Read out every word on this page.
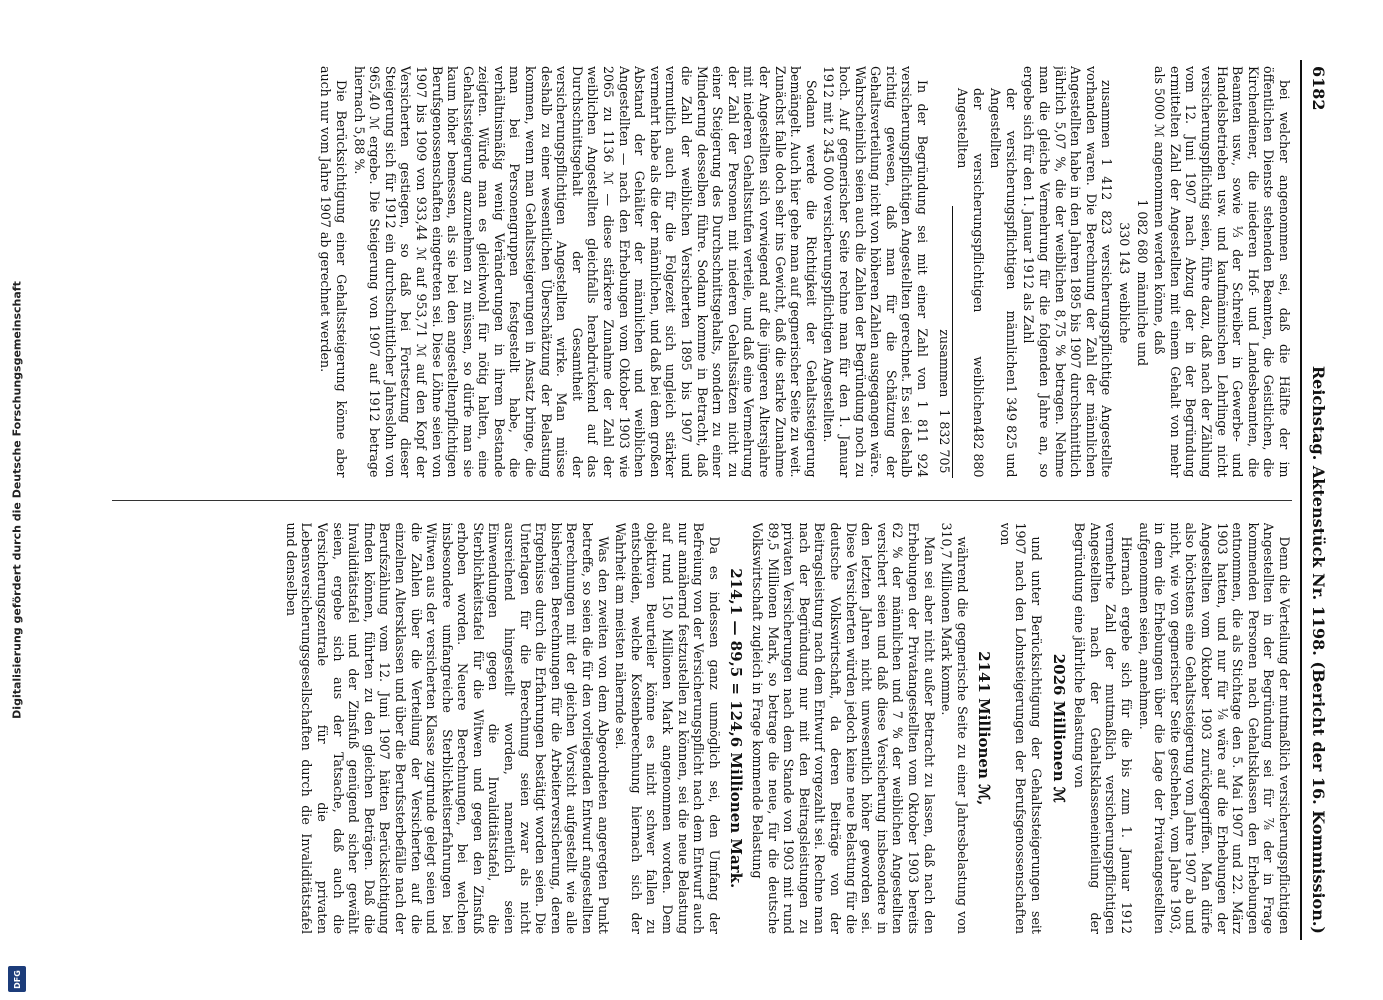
Digitalisierung gefördert durch die Deutsche Forschungsgemeinschaft
DFG
6182
Reichstag. Aktenstück Nr. 1198. (Bericht der 16. Kommission.)

bei welcher angenommen sei, daß die Hälfte der im öffentlichen Dienste stehenden Beamten, die Geistlichen, die Kirchendiener, die niederen Hof- und Landesbeamten, die Beamten usw., sowie ⅓ der Schreiber in Gewerbe- und Handelsbetrieben usw. und kaufmännischen Lehrlinge nicht versicherungspflichtig seien, führe dazu, daß nach der Zählung vom 12. Juni 1907 nach Abzug der in der Begründung ermittelten Zahl der Angestellten mit einem Gehalt von mehr als 5000 ℳ angenommen werden könne, daß

1 082 680
männliche und
330 143
weibliche

zusammen 1 412 823 versicherungspflichtige Angestellte vorhanden waren. Die Berechnung der Zahl der männlichen Angestellten habe in den Jahren 1895 bis 1907 durchschnittlich jährlich 5,07 %, die der weiblichen 8,75 % betragen. Nehme man die gleiche Vermehrung für die folgenden Jahre an, so ergebe sich für den 1. Januar 1912 als Zahl

der versicherungspflichtigen männlichen Angestellten
1 349 825 und
der versicherungspflichtigen weiblichen Angestellten
482 880
zusammen   1 832 705

In der Begründung sei mit einer Zahl von 1 811 924 versicherungspflichtigen Angestellten gerechnet. Es sei deshalb richtig gewesen, daß man für die Schätzung der Gehaltsverteilung nicht von höheren Zahlen ausgegangen wäre. Wahrscheinlich seien auch die Zahlen der Begründung noch zu hoch. Auf gegnerischer Seite rechne man für den 1. Januar 1912 mit 2 345 000 versicherungspflichtigen Angestellten.

Sodann werde die Richtigkeit der Gehaltssteigerung bemängelt. Auch hier gehe man auf gegnerischer Seite zu weit. Zunächst falle doch sehr ins Gewicht, daß die starke Zunahme der Angestellten sich vorwiegend auf die jüngeren Altersjahre mit niederen Gehaltsstufen verteile, und daß eine Vermehrung der Zahl der Personen mit niederen Gehaltssätzen nicht zu einer Steigerung des Durchschnittsgehalts, sondern zu einer Minderung desselben führe. Sodann komme in Betracht, daß die Zahl der weiblichen Versicherten 1895 bis 1907 und vermutlich auch für die Folgezeit sich ungleich stärker vermehrt habe als die der männlichen, und daß bei dem großen Abstand der Gehälter der männlichen und weiblichen Angestellten — nach den Erhebungen vom Oktober 1903 wie 2065 zu 1136 ℳ — diese stärkere Zunahme der Zahl der weiblichen Angestellten gleichfalls herabdrückend auf das Durchschnittsgehalt der Gesamtheit der versicherungspflichtigen Angestellten wirke. Man müsse deshalb zu einer wesentlichen Überschätzung der Belastung kommen, wenn man Gehaltssteigerungen in Ansatz bringe, die man bei Personengruppen festgestellt habe, die verhältnismäßig wenig Veränderungen in ihrem Bestande zeigten. Würde man es gleichwohl für nötig halten, eine Gehaltssteigerung anzunehmen zu müssen, so dürfe man sie kaum höher bemessen, als sie bei den angestelltenpflichtigen Berufsgenossenschaften eingetreten sei. Diese Löhne seien von 1907 bis 1909 von 933,44 ℳ auf 953,71 ℳ auf den Kopf der Versicherten gestiegen, so daß bei Fortsetzung dieser Steigerung sich für 1912 ein durchschnittlicher Jahreslohn von 965,40 ℳ ergebe. Die Steigerung von 1907 auf 1912 betrage hiernach 5,88 %.

Die Berücksichtigung einer Gehaltssteigerung könne aber auch nur vom Jahre 1907 ab gerechnet werden.

Denn die Verteilung der mutmaßlich versicherungspflichtigen Angestellten in der Begründung sei für ⅞ der in Frage kommenden Personen nach Gehaltsklassen den Erhebungen entnommen, die als Stichtage den 5. Mai 1907 und 22. März 1903 hatten, und nur für ⅛ wäre auf die Erhebungen der Angestellten vom Oktober 1903 zurückgegriffen. Man dürfe also höchstens eine Gehaltssteigerung vom Jahre 1907 ab und nicht, wie von gegnerischer Seite geschehen, vom Jahre 1903, in dem die Erhebungen über die Lage der Privatangestellten aufgenommen seien, annehmen.

Hiernach ergebe sich für die bis zum 1. Januar 1912 vermehrte Zahl der mutmaßlich versicherungspflichtigen Angestellten nach der Gehaltsklasseneinteilung der Begründung eine jährliche Belastung von

2026 Millionen ℳ

und unter Berücksichtigung der Gehaltssteigerungen seit 1907 nach den Lohnsteigerungen der Berufsgenossenschaften von

2141 Millionen ℳ,

während die gegnerische Seite zu einer Jahresbelastung von 310,7 Millionen Mark komme.

Man sei aber nicht außer Betracht zu lassen, daß nach den Erhebungen der Privatangestellten vom Oktober 1903 bereits 62 % der männlichen und 7 % der weiblichen Angestellten versichert seien und daß diese Versicherung insbesondere in den letzten Jahren nicht unwesentlich höher geworden sei. Diese Versicherten würden jedoch keine neue Belastung für die deutsche Volkswirtschaft, da deren Beiträge von der Beitragsleistung nach dem Entwurf vorgezahlt sei. Rechne man nach der Begründung nur mit den Beitragsleistungen zu privaten Versicherungen nach dem Stande von 1903 mit rund 89,5 Millionen Mark, so betrage die neue, für die deutsche Volkswirtschaft zugleich in Frage kommende Belastung

214,1 — 89,5 = 124,6 Millionen Mark.

Da es indessen ganz unmöglich sei, den Umfang der Befreiung von der Versicherungspflicht nach dem Entwurf auch nur annähernd festzustellen zu können, sei die neue Belastung auf rund 150 Millionen Mark angenommen worden. Dem objektiven Beurteiler könne es nicht schwer fallen zu entscheiden, welche Kostenberechnung hiernach sich der Wahrheit am meisten nähernde sei.

Was den zweiten von dem Abgeordneten angeregten Punkt betreffe, so seien die für den vorliegenden Entwurf angestellten Berechnungen mit der gleichen Vorsicht aufgestellt wie alle bisherigen Berechnungen für die Arbeiterversicherung, deren Ergebnisse durch die Erfahrungen bestätigt worden seien. Die Unterlagen für die Berechnung seien zwar als nicht ausreichend hingestellt worden, namentlich seien Einwendungen gegen die Invaliditätstafel, die Sterblichkeitstafel für die Witwen und gegen den Zinsfuß erhoben worden. Neuere Berechnungen, bei welchen insbesondere umfangreiche Sterblichkeitserfahrungen bei Witwen aus der versicherten Klasse zugrunde gelegt seien und die Zahlen über die Verteilung der Versicherten auf die einzelnen Altersklassen und über die Berufssterbefälle nach der Berufszählung vom 12. Juni 1907 hätten Berücksichtigung finden können, führten zu den gleichen Beträgen. Daß die Invaliditätstafel und der Zinsfuß genügend sicher gewählt seien, ergebe sich aus der Tatsache, daß auch die Versicherungszentrale für die privaten Lebensversicherungsgesellschaften durch die Invaliditätstafel und denselben
